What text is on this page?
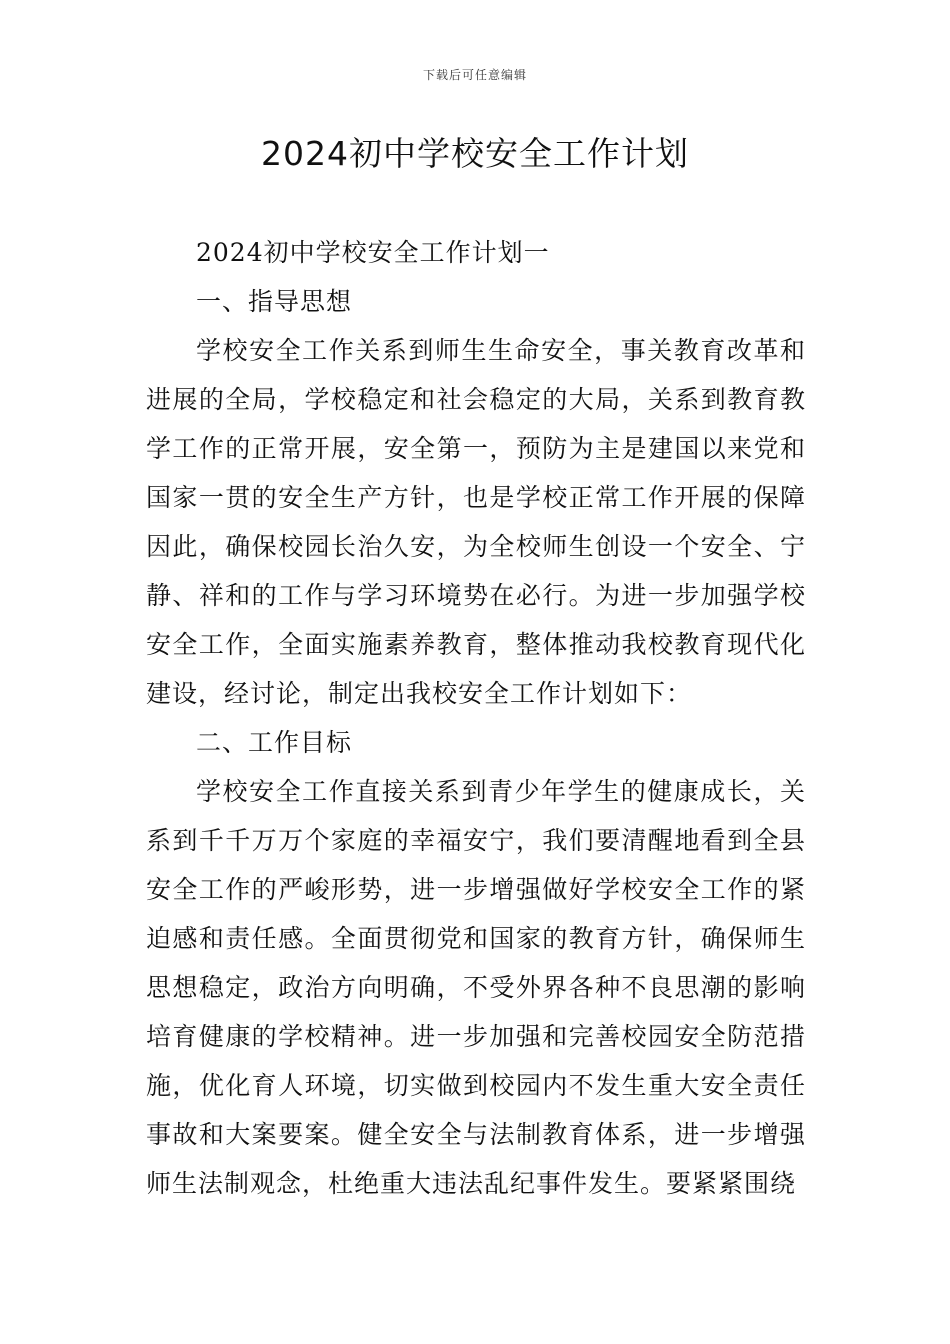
下载后可任意编辑
2024初中学校安全工作计划

2024初中学校安全工作计划一

一、指导思想

学校安全工作关系到师生生命安全，事关教育改革和进展的全局，学校稳定和社会稳定的大局，关系到教育教学工作的正常开展，安全第一，预防为主是建国以来党和国家一贯的安全生产方针，也是学校正常工作开展的保障因此，确保校园长治久安，为全校师生创设一个安全、宁静、祥和的工作与学习环境势在必行。为进一步加强学校安全工作，全面实施素养教育，整体推动我校教育现代化建设，经讨论，制定出我校安全工作计划如下：

二、工作目标

学校安全工作直接关系到青少年学生的健康成长，关系到千千万万个家庭的幸福安宁，我们要清醒地看到全县安全工作的严峻形势，进一步增强做好学校安全工作的紧迫感和责任感。全面贯彻党和国家的教育方针，确保师生思想稳定，政治方向明确，不受外界各种不良思潮的影响培育健康的学校精神。进一步加强和完善校园安全防范措施，优化育人环境，切实做到校园内不发生重大安全责任事故和大案要案。健全安全与法制教育体系，进一步增强师生法制观念，杜绝重大违法乱纪事件发生。要紧紧围绕
